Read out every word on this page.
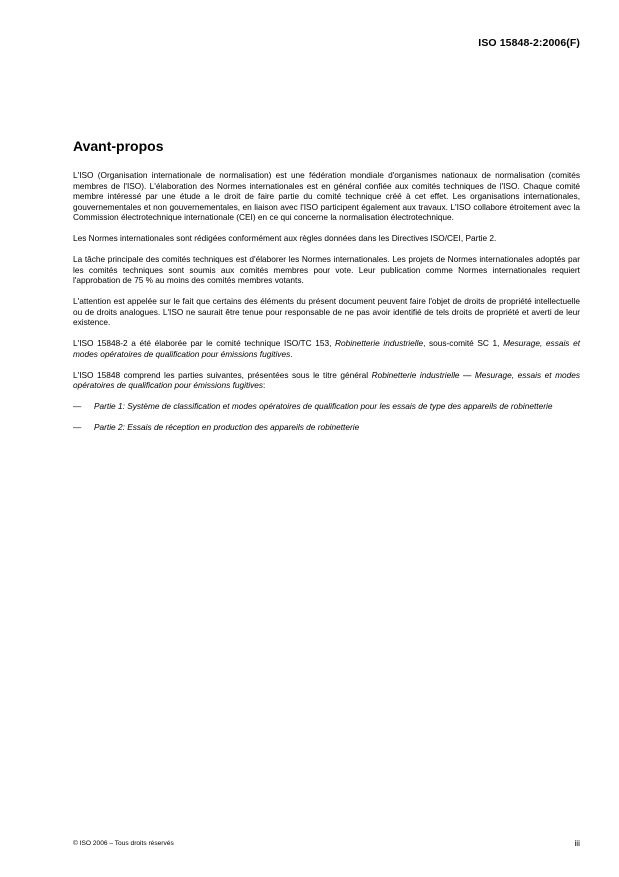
ISO 15848-2:2006(F)
Avant-propos

L'ISO (Organisation internationale de normalisation) est une fédération mondiale d'organismes nationaux de normalisation (comités membres de l'ISO). L'élaboration des Normes internationales est en général confiée aux comités techniques de l'ISO. Chaque comité membre intéressé par une étude a le droit de faire partie du comité technique créé à cet effet. Les organisations internationales, gouvernementales et non gouvernementales, en liaison avec l'ISO participent également aux travaux. L'ISO collabore étroitement avec la Commission électrotechnique internationale (CEI) en ce qui concerne la normalisation électrotechnique.

Les Normes internationales sont rédigées conformément aux règles données dans les Directives ISO/CEI, Partie 2.

La tâche principale des comités techniques est d'élaborer les Normes internationales. Les projets de Normes internationales adoptés par les comités techniques sont soumis aux comités membres pour vote. Leur publication comme Normes internationales requiert l'approbation de 75 % au moins des comités membres votants.

L'attention est appelée sur le fait que certains des éléments du présent document peuvent faire l'objet de droits de propriété intellectuelle ou de droits analogues. L'ISO ne saurait être tenue pour responsable de ne pas avoir identifié de tels droits de propriété et averti de leur existence.

L'ISO 15848-2 a été élaborée par le comité technique ISO/TC 153, Robinetterie industrielle, sous-comité SC 1, Mesurage, essais et modes opératoires de qualification pour émissions fugitives.

L'ISO 15848 comprend les parties suivantes, présentées sous le titre général Robinetterie industrielle — Mesurage, essais et modes opératoires de qualification pour émissions fugitives:

—	Partie 1: Système de classification et modes opératoires de qualification pour les essais de type des appareils de robinetterie
—	Partie 2: Essais de réception en production des appareils de robinetterie
© ISO 2006 – Tous droits réservés	iii
